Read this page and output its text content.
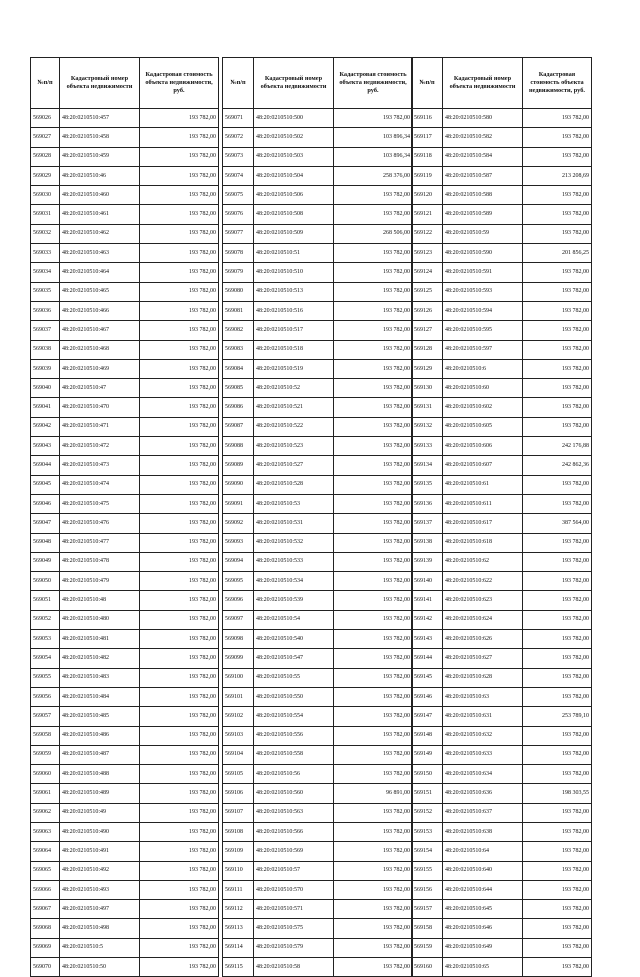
№п/п	Кадастровый номер объекта недвижимости	Кадастровая стоимость объекта недвижимости, руб.
569026	48:20:0210510:457	193 782,00
569027	48:20:0210510:458	193 782,00
569028	48:20:0210510:459	193 782,00
569029	48:20:0210510:46	193 782,00
569030	48:20:0210510:460	193 782,00
569031	48:20:0210510:461	193 782,00
569032	48:20:0210510:462	193 782,00
569033	48:20:0210510:463	193 782,00
569034	48:20:0210510:464	193 782,00
569035	48:20:0210510:465	193 782,00
569036	48:20:0210510:466	193 782,00
569037	48:20:0210510:467	193 782,00
569038	48:20:0210510:468	193 782,00
569039	48:20:0210510:469	193 782,00
569040	48:20:0210510:47	193 782,00
569041	48:20:0210510:470	193 782,00
569042	48:20:0210510:471	193 782,00
569043	48:20:0210510:472	193 782,00
569044	48:20:0210510:473	193 782,00
569045	48:20:0210510:474	193 782,00
569046	48:20:0210510:475	193 782,00
569047	48:20:0210510:476	193 782,00
569048	48:20:0210510:477	193 782,00
569049	48:20:0210510:478	193 782,00
569050	48:20:0210510:479	193 782,00
569051	48:20:0210510:48	193 782,00
569052	48:20:0210510:480	193 782,00
569053	48:20:0210510:481	193 782,00
569054	48:20:0210510:482	193 782,00
569055	48:20:0210510:483	193 782,00
569056	48:20:0210510:484	193 782,00
569057	48:20:0210510:485	193 782,00
569058	48:20:0210510:486	193 782,00
569059	48:20:0210510:487	193 782,00
569060	48:20:0210510:488	193 782,00
569061	48:20:0210510:489	193 782,00
569062	48:20:0210510:49	193 782,00
569063	48:20:0210510:490	193 782,00
569064	48:20:0210510:491	193 782,00
569065	48:20:0210510:492	193 782,00
569066	48:20:0210510:493	193 782,00
569067	48:20:0210510:497	193 782,00
569068	48:20:0210510:498	193 782,00
569069	48:20:0210510:5	193 782,00
569070	48:20:0210510:50	193 782,00
№п/п	Кадастровый номер объекта недвижимости	Кадастровая стоимость объекта недвижимости, руб.
569071	48:20:0210510:500	193 782,00
569072	48:20:0210510:502	103 896,34
569073	48:20:0210510:503	103 896,34
569074	48:20:0210510:504	258 376,00
569075	48:20:0210510:506	193 782,00
569076	48:20:0210510:508	193 782,00
569077	48:20:0210510:509	268 506,00
569078	48:20:0210510:51	193 782,00
569079	48:20:0210510:510	193 782,00
569080	48:20:0210510:513	193 782,00
569081	48:20:0210510:516	193 782,00
569082	48:20:0210510:517	193 782,00
569083	48:20:0210510:518	193 782,00
569084	48:20:0210510:519	193 782,00
569085	48:20:0210510:52	193 782,00
569086	48:20:0210510:521	193 782,00
569087	48:20:0210510:522	193 782,00
569088	48:20:0210510:523	193 782,00
569089	48:20:0210510:527	193 782,00
569090	48:20:0210510:528	193 782,00
569091	48:20:0210510:53	193 782,00
569092	48:20:0210510:531	193 782,00
569093	48:20:0210510:532	193 782,00
569094	48:20:0210510:533	193 782,00
569095	48:20:0210510:534	193 782,00
569096	48:20:0210510:539	193 782,00
569097	48:20:0210510:54	193 782,00
569098	48:20:0210510:540	193 782,00
569099	48:20:0210510:547	193 782,00
569100	48:20:0210510:55	193 782,00
569101	48:20:0210510:550	193 782,00
569102	48:20:0210510:554	193 782,00
569103	48:20:0210510:556	193 782,00
569104	48:20:0210510:558	193 782,00
569105	48:20:0210510:56	193 782,00
569106	48:20:0210510:560	96 891,00
569107	48:20:0210510:563	193 782,00
569108	48:20:0210510:566	193 782,00
569109	48:20:0210510:569	193 782,00
569110	48:20:0210510:57	193 782,00
569111	48:20:0210510:570	193 782,00
569112	48:20:0210510:571	193 782,00
569113	48:20:0210510:575	193 782,00
569114	48:20:0210510:579	193 782,00
569115	48:20:0210510:58	193 782,00
№п/п	Кадастровый номер объекта недвижимости	Кадастровая стоимость объекта недвижимости, руб.
569116	48:20:0210510:580	193 782,00
569117	48:20:0210510:582	193 782,00
569118	48:20:0210510:584	193 782,00
569119	48:20:0210510:587	213 208,69
569120	48:20:0210510:588	193 782,00
569121	48:20:0210510:589	193 782,00
569122	48:20:0210510:59	193 782,00
569123	48:20:0210510:590	201 856,25
569124	48:20:0210510:591	193 782,00
569125	48:20:0210510:593	193 782,00
569126	48:20:0210510:594	193 782,00
569127	48:20:0210510:595	193 782,00
569128	48:20:0210510:597	193 782,00
569129	48:20:0210510:6	193 782,00
569130	48:20:0210510:60	193 782,00
569131	48:20:0210510:602	193 782,00
569132	48:20:0210510:605	193 782,00
569133	48:20:0210510:606	242 176,88
569134	48:20:0210510:607	242 862,36
569135	48:20:0210510:61	193 782,00
569136	48:20:0210510:611	193 782,00
569137	48:20:0210510:617	387 564,00
569138	48:20:0210510:618	193 782,00
569139	48:20:0210510:62	193 782,00
569140	48:20:0210510:622	193 782,00
569141	48:20:0210510:623	193 782,00
569142	48:20:0210510:624	193 782,00
569143	48:20:0210510:626	193 782,00
569144	48:20:0210510:627	193 782,00
569145	48:20:0210510:628	193 782,00
569146	48:20:0210510:63	193 782,00
569147	48:20:0210510:631	253 789,10
569148	48:20:0210510:632	193 782,00
569149	48:20:0210510:633	193 782,00
569150	48:20:0210510:634	193 782,00
569151	48:20:0210510:636	198 303,55
569152	48:20:0210510:637	193 782,00
569153	48:20:0210510:638	193 782,00
569154	48:20:0210510:64	193 782,00
569155	48:20:0210510:640	193 782,00
569156	48:20:0210510:644	193 782,00
569157	48:20:0210510:645	193 782,00
569158	48:20:0210510:646	193 782,00
569159	48:20:0210510:649	193 782,00
569160	48:20:0210510:65	193 782,00
